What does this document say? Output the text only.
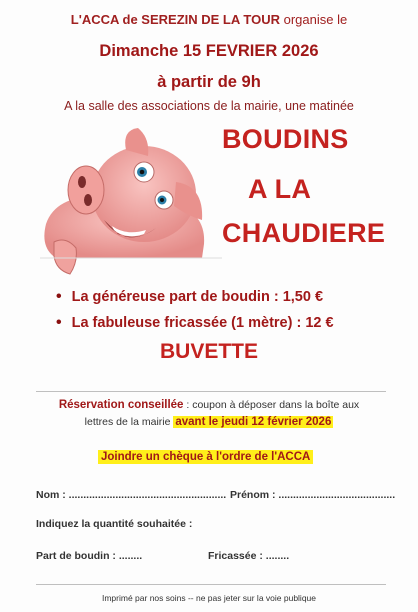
L'ACCA de SEREZIN DE LA TOUR organise le
Dimanche 15 FEVRIER 2026
à partir de 9h
A la salle des associations de la mairie, une matinée
BOUDINS
A LA
CHAUDIERE
• La généreuse part de boudin : 1,50 €
• La fabuleuse fricassée (1 mètre) : 12 €
BUVETTE
Réservation conseillée : coupon à déposer dans la boîte aux
lettres de la mairie avant le jeudi 12 février 2026
Joindre un chèque à l'ordre de l'ACCA
Nom : ...................................................... Prénom : ........................................
Indiquez la quantité souhaitée :
Part de boudin : ........	Fricassée : ........
Imprimé par nos soins -- ne pas jeter sur la voie publique
